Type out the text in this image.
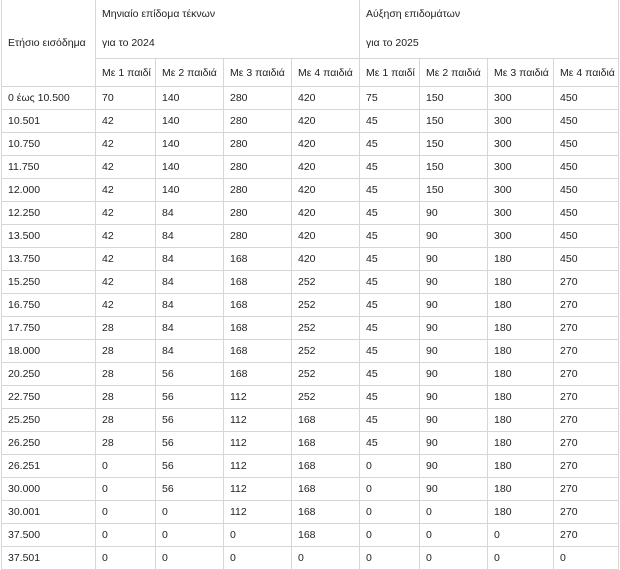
Ετήσιο εισόδημα	Μηνιαίο επίδομα τέκνων
για το 2024				Αύξηση επιδομάτων
για το 2025			

	Με 1 παιδί	Με 2 παιδιά	Με 3 παιδιά	Με 4 παιδιά	Με 1 παιδί	Με 2 παιδιά	Με 3 παιδιά	Με 4 παιδιά
0 έως 10.500	70	140	280	420	75	150	300	450
10.501	42	140	280	420	45	150	300	450
10.750	42	140	280	420	45	150	300	450
11.750	42	140	280	420	45	150	300	450
12.000	42	140	280	420	45	150	300	450
12.250	42	84	280	420	45	90	300	450
13.500	42	84	280	420	45	90	300	450
13.750	42	84	168	420	45	90	180	450
15.250	42	84	168	252	45	90	180	270
16.750	42	84	168	252	45	90	180	270
17.750	28	84	168	252	45	90	180	270
18.000	28	84	168	252	45	90	180	270
20.250	28	56	168	252	45	90	180	270
22.750	28	56	112	252	45	90	180	270
25.250	28	56	112	168	45	90	180	270
26.250	28	56	112	168	45	90	180	270
26.251	0	56	112	168	0	90	180	270
30.000	0	56	112	168	0	90	180	270
30.001	0	0	112	168	0	0	180	270
37.500	0	0	0	168	0	0	0	270
37.501	0	0	0	0	0	0	0	0
